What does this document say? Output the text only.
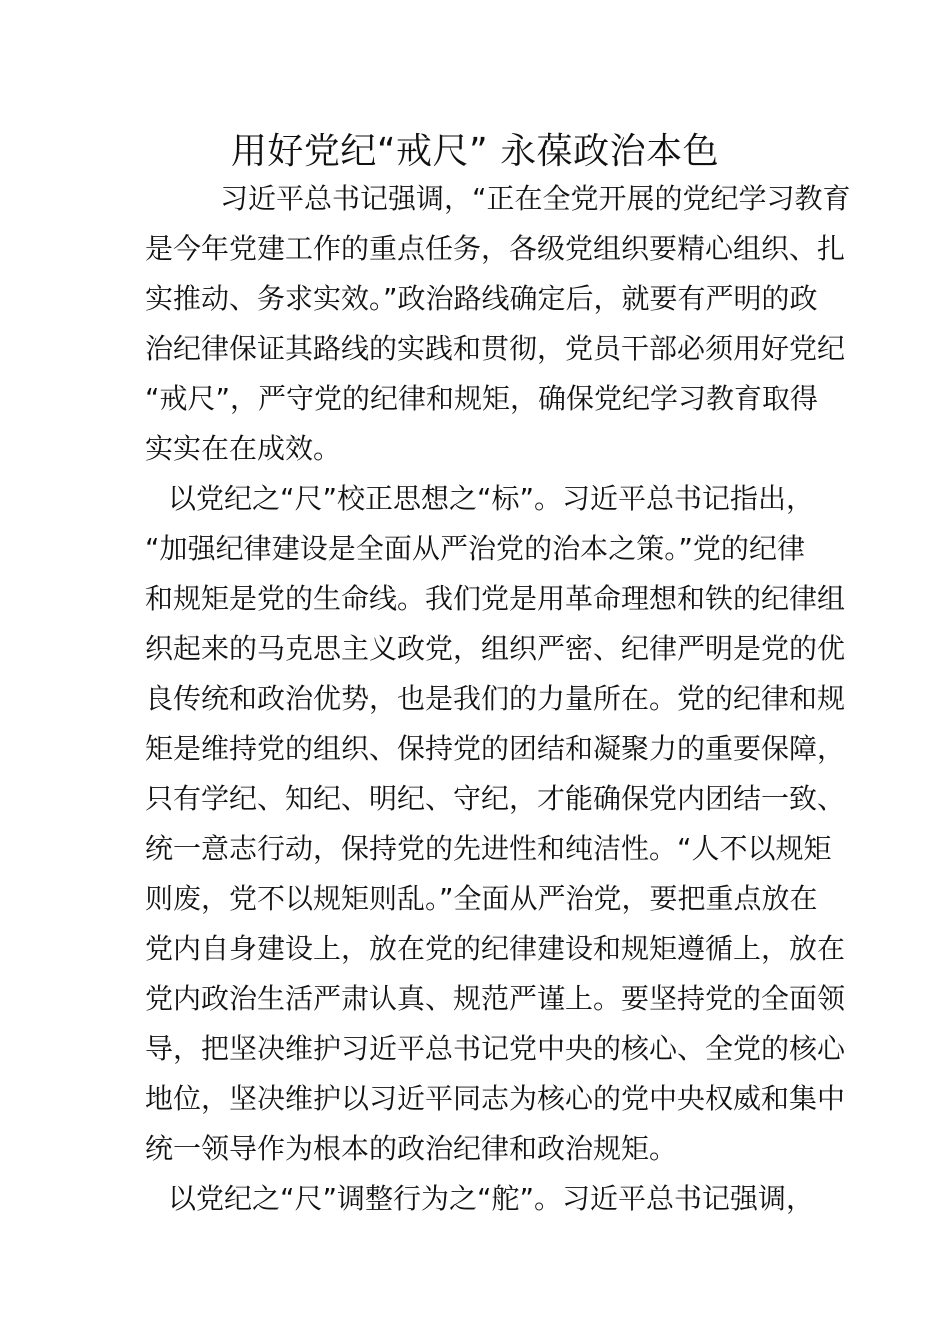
用好党纪“戒尺” 永葆政治本色
习近平总书记强调，“正在全党开展的党纪学习教育
是今年党建工作的重点任务，各级党组织要精心组织、扎
实推动、务求实效。”政治路线确定后，就要有严明的政
治纪律保证其路线的实践和贯彻，党员干部必须用好党纪
“戒尺”，严守党的纪律和规矩，确保党纪学习教育取得
实实在在成效。
以党纪之“尺”校正思想之“标”。习近平总书记指出，
“加强纪律建设是全面从严治党的治本之策。”党的纪律
和规矩是党的生命线。我们党是用革命理想和铁的纪律组
织起来的马克思主义政党，组织严密、纪律严明是党的优
良传统和政治优势，也是我们的力量所在。党的纪律和规
矩是维持党的组织、保持党的团结和凝聚力的重要保障，
只有学纪、知纪、明纪、守纪，才能确保党内团结一致、
统一意志行动，保持党的先进性和纯洁性。“人不以规矩
则废，党不以规矩则乱。”全面从严治党，要把重点放在
党内自身建设上，放在党的纪律建设和规矩遵循上，放在
党内政治生活严肃认真、规范严谨上。要坚持党的全面领
导，把坚决维护习近平总书记党中央的核心、全党的核心
地位，坚决维护以习近平同志为核心的党中央权威和集中
统一领导作为根本的政治纪律和政治规矩。
以党纪之“尺”调整行为之“舵”。习近平总书记强调，
